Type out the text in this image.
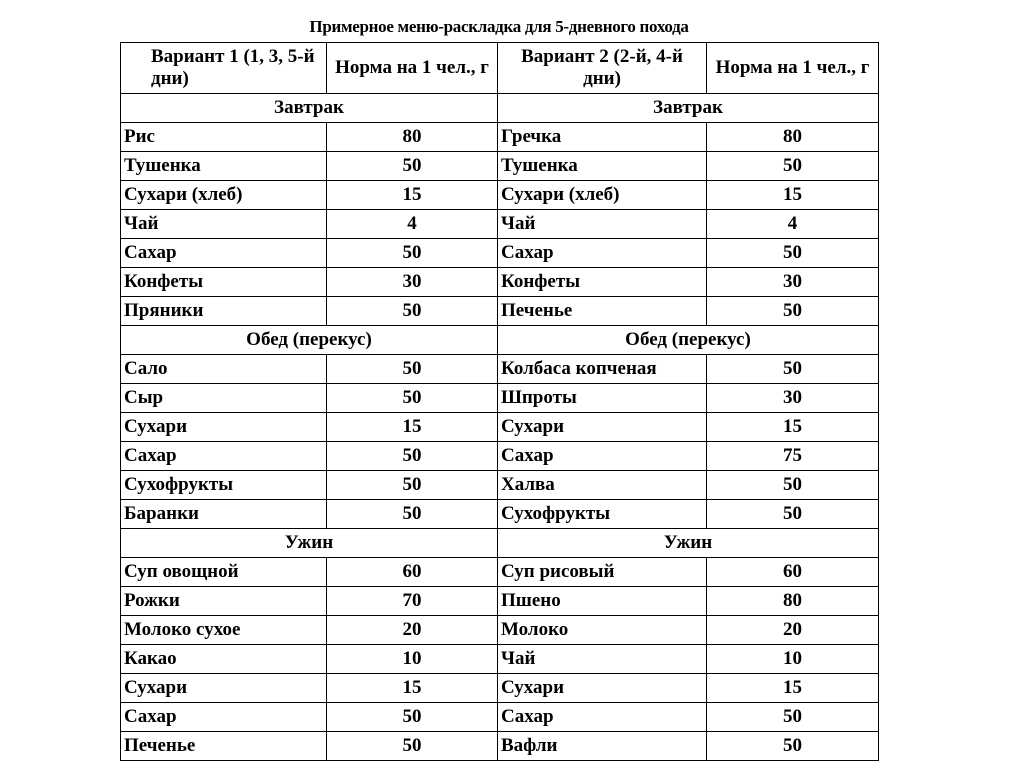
Примерное меню-раскладка для 5-дневного похода
Вариант 1 (1, 3, 5-й дни)	Норма на 1 чел., г	Вариант 2 (2-й, 4-й дни)	Норма на 1 чел., г
Завтрак		Завтрак	
Рис	80	Гречка	80
Тушенка	50	Тушенка	50
Сухари (хлеб)	15	Сухари (хлеб)	15
Чай	4	Чай	4
Сахар	50	Сахар	50
Конфеты	30	Конфеты	30
Пряники	50	Печенье	50
Обед (перекус)		Обед (перекус)	
Сало	50	Колбаса копченая	50
Сыр	50	Шпроты	30
Сухари	15	Сухари	15
Сахар	50	Сахар	75
Сухофрукты	50	Халва	50
Баранки	50	Сухофрукты	50
Ужин		Ужин	
Суп овощной	60	Суп рисовый	60
Рожки	70	Пшено	80
Молоко сухое	20	Молоко	20
Какао	10	Чай	10
Сухари	15	Сухари	15
Сахар	50	Сахар	50
Печенье	50	Вафли	50
